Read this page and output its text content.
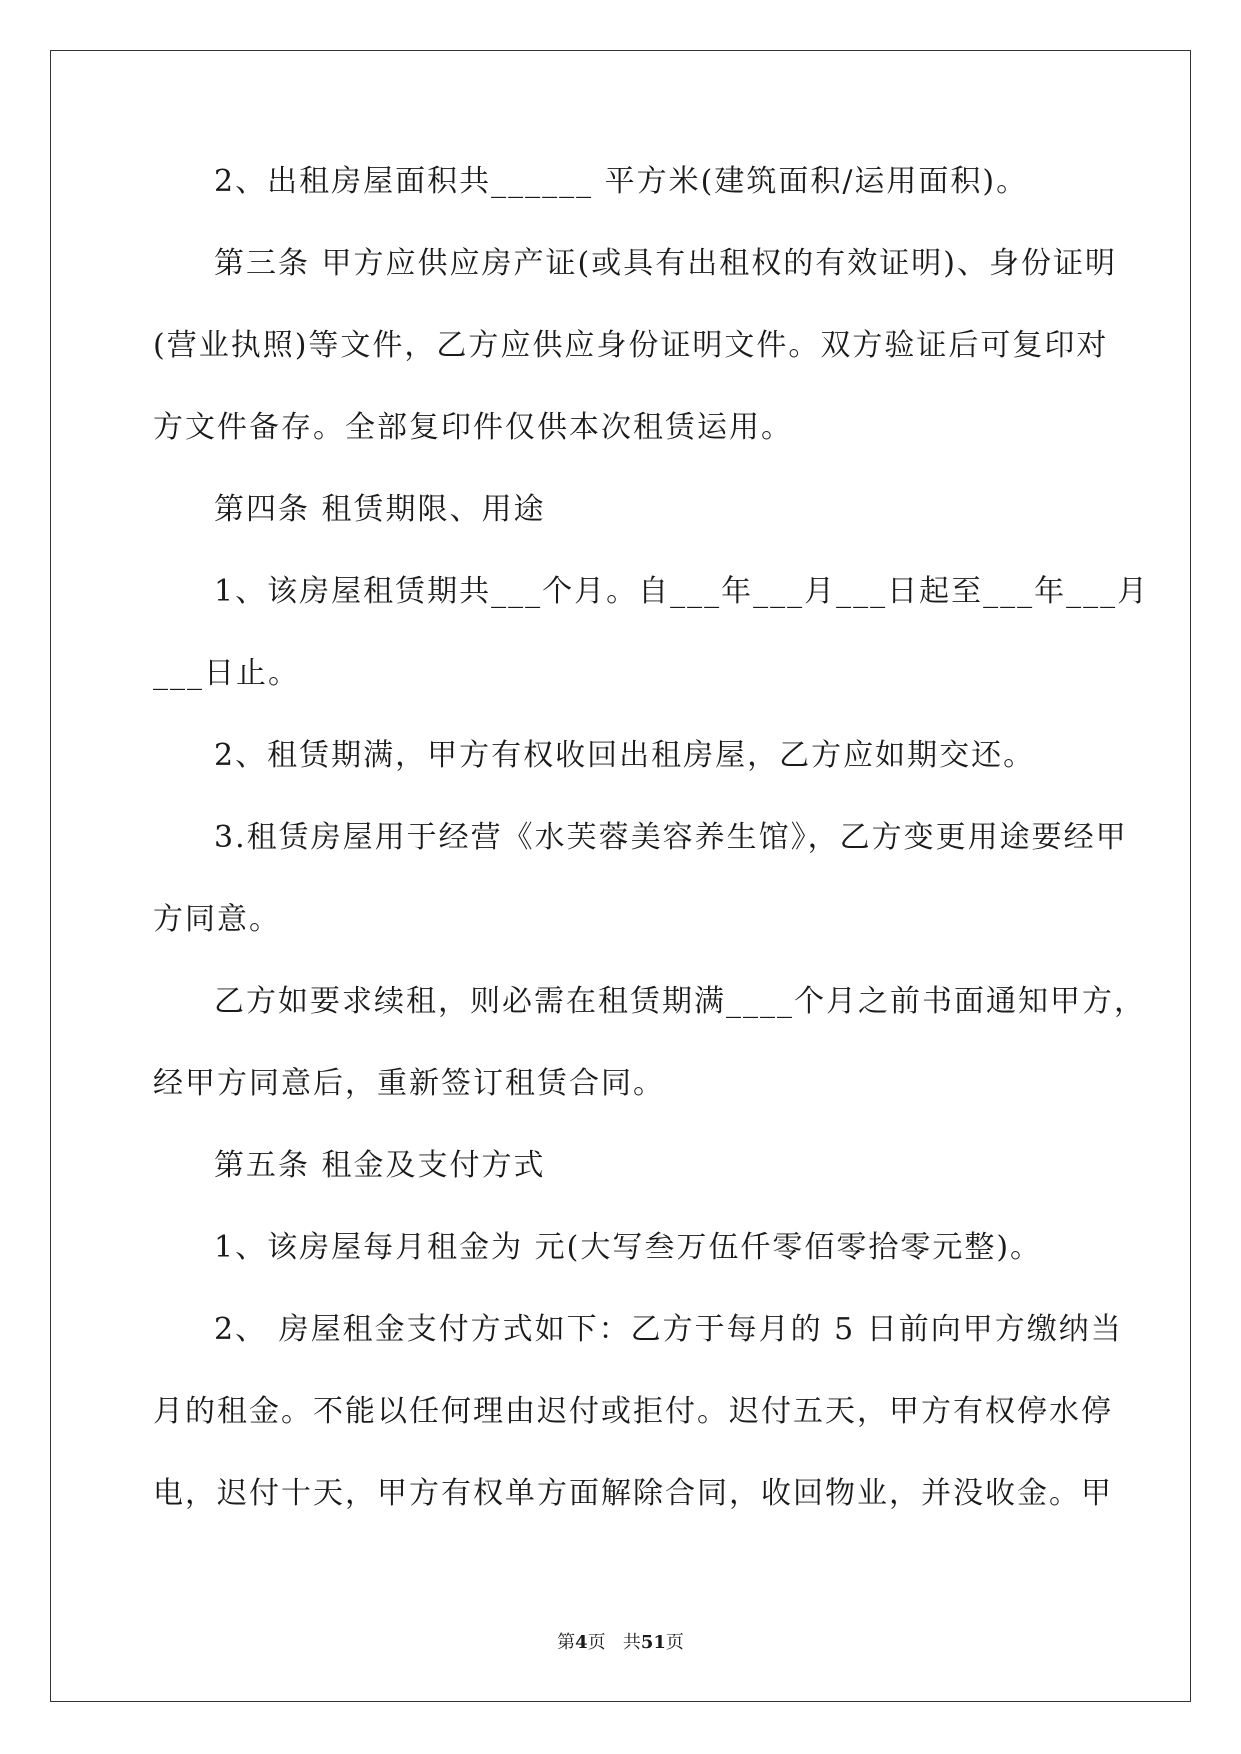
2、出租房屋面积共______ 平方米(建筑面积/运用面积)。
第三条 甲方应供应房产证(或具有出租权的有效证明)、身份证明
(营业执照)等文件，乙方应供应身份证明文件。双方验证后可复印对
方文件备存。全部复印件仅供本次租赁运用。
第四条 租赁期限、用途
1、该房屋租赁期共___个月。自___年___月___日起至___年___月
___日止。
2、租赁期满，甲方有权收回出租房屋，乙方应如期交还。
3.租赁房屋用于经营《水芙蓉美容养生馆》，乙方变更用途要经甲
方同意。
乙方如要求续租，则必需在租赁期满____个月之前书面通知甲方，
经甲方同意后，重新签订租赁合同。
第五条 租金及支付方式
1、该房屋每月租金为 元(大写叁万伍仟零佰零拾零元整)。
2、 房屋租金支付方式如下：乙方于每月的 5 日前向甲方缴纳当
月的租金。不能以任何理由迟付或拒付。迟付五天，甲方有权停水停
电，迟付十天，甲方有权单方面解除合同，收回物业，并没收金。甲
第4页 共51页
